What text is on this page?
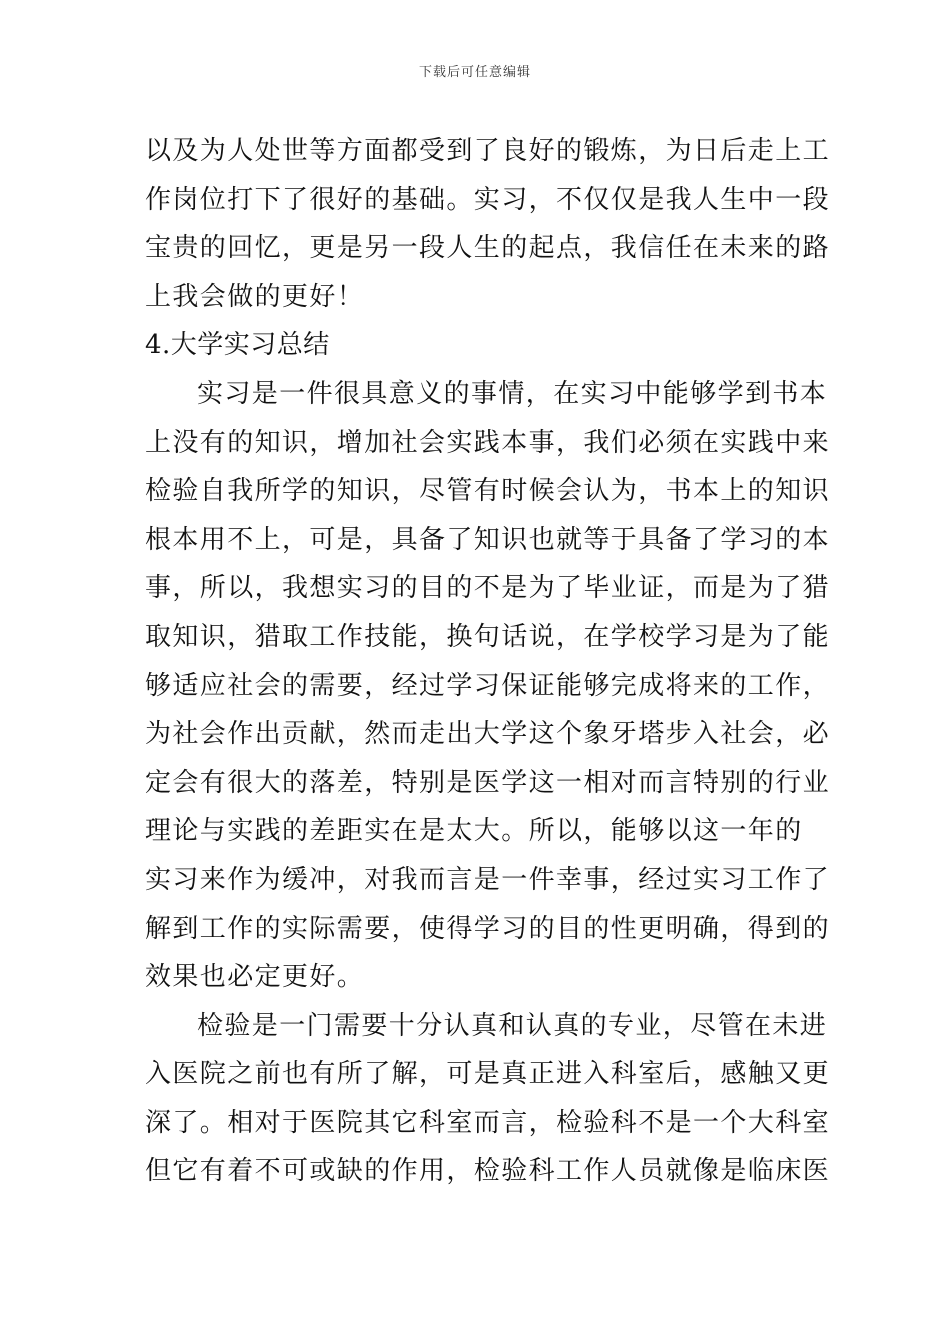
下载后可任意编辑
以及为人处世等方面都受到了良好的锻炼，为日后走上工
作岗位打下了很好的基础。实习，不仅仅是我人生中一段
宝贵的回忆，更是另一段人生的起点，我信任在未来的路
上我会做的更好！
4.大学实习总结
实习是一件很具意义的事情，在实习中能够学到书本
上没有的知识，增加社会实践本事，我们必须在实践中来
检验自我所学的知识，尽管有时候会认为，书本上的知识
根本用不上，可是，具备了知识也就等于具备了学习的本
事，所以，我想实习的目的不是为了毕业证，而是为了猎
取知识，猎取工作技能，换句话说，在学校学习是为了能
够适应社会的需要，经过学习保证能够完成将来的工作，
为社会作出贡献，然而走出大学这个象牙塔步入社会，必
定会有很大的落差，特别是医学这一相对而言特别的行业
理论与实践的差距实在是太大。所以，能够以这一年的
实习来作为缓冲，对我而言是一件幸事，经过实习工作了
解到工作的实际需要，使得学习的目的性更明确，得到的
效果也必定更好。
检验是一门需要十分认真和认真的专业，尽管在未进
入医院之前也有所了解，可是真正进入科室后，感触又更
深了。相对于医院其它科室而言，检验科不是一个大科室
但它有着不可或缺的作用，检验科工作人员就像是临床医
